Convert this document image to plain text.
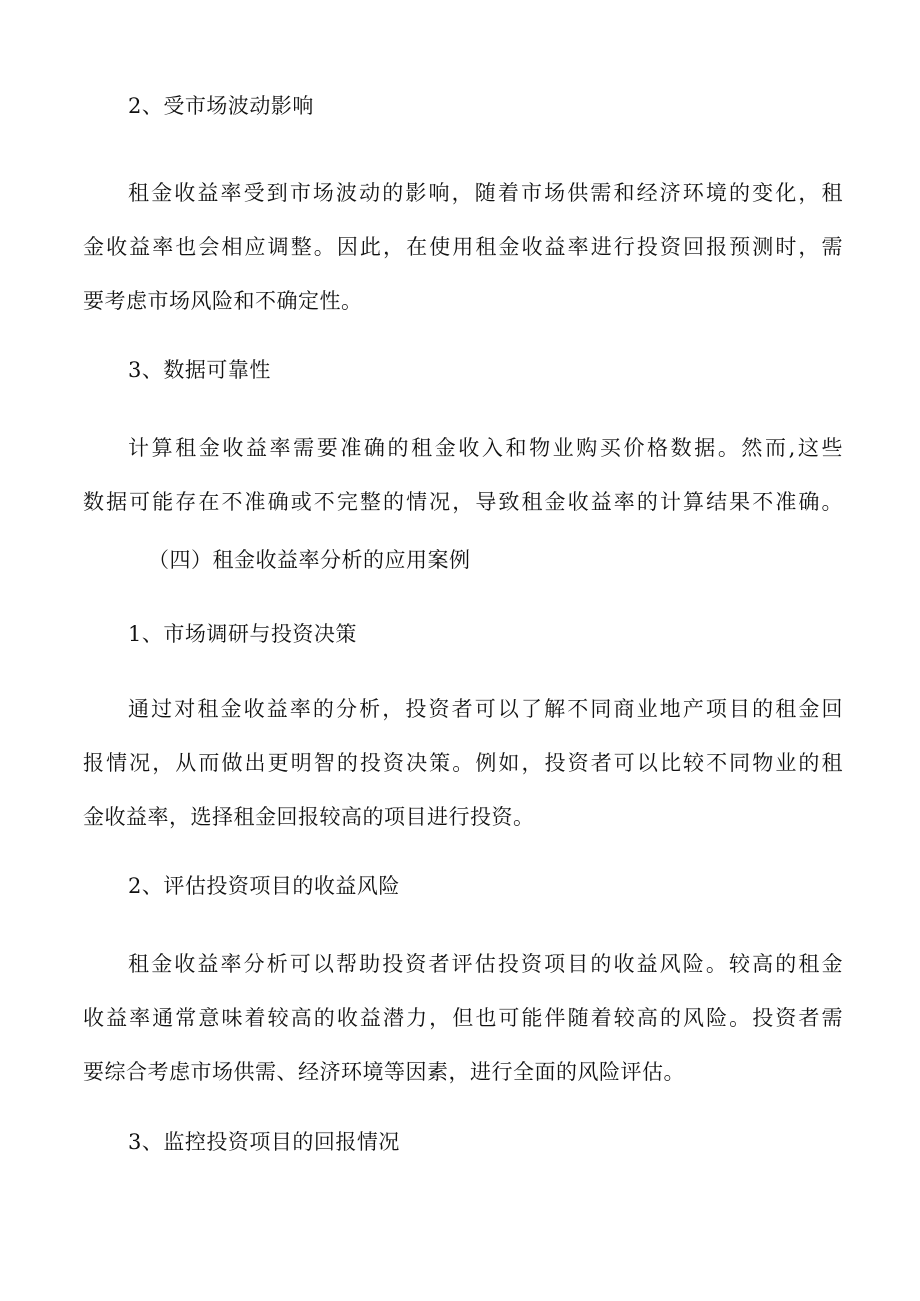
2、受市场波动影响
租金收益率受到市场波动的影响，随着市场供需和经济环境的变化，租
金收益率也会相应调整。因此，在使用租金收益率进行投资回报预测时，需
要考虑市场风险和不确定性。
3、数据可靠性
计算租金收益率需要准确的租金收入和物业购买价格数据。然而,这些
数据可能存在不准确或不完整的情况，导致租金收益率的计算结果不准确。
（四）租金收益率分析的应用案例
1、市场调研与投资决策
通过对租金收益率的分析，投资者可以了解不同商业地产项目的租金回
报情况，从而做出更明智的投资决策。例如，投资者可以比较不同物业的租
金收益率，选择租金回报较高的项目进行投资。
2、评估投资项目的收益风险
租金收益率分析可以帮助投资者评估投资项目的收益风险。较高的租金
收益率通常意味着较高的收益潜力，但也可能伴随着较高的风险。投资者需
要综合考虑市场供需、经济环境等因素，进行全面的风险评估。
3、监控投资项目的回报情况
